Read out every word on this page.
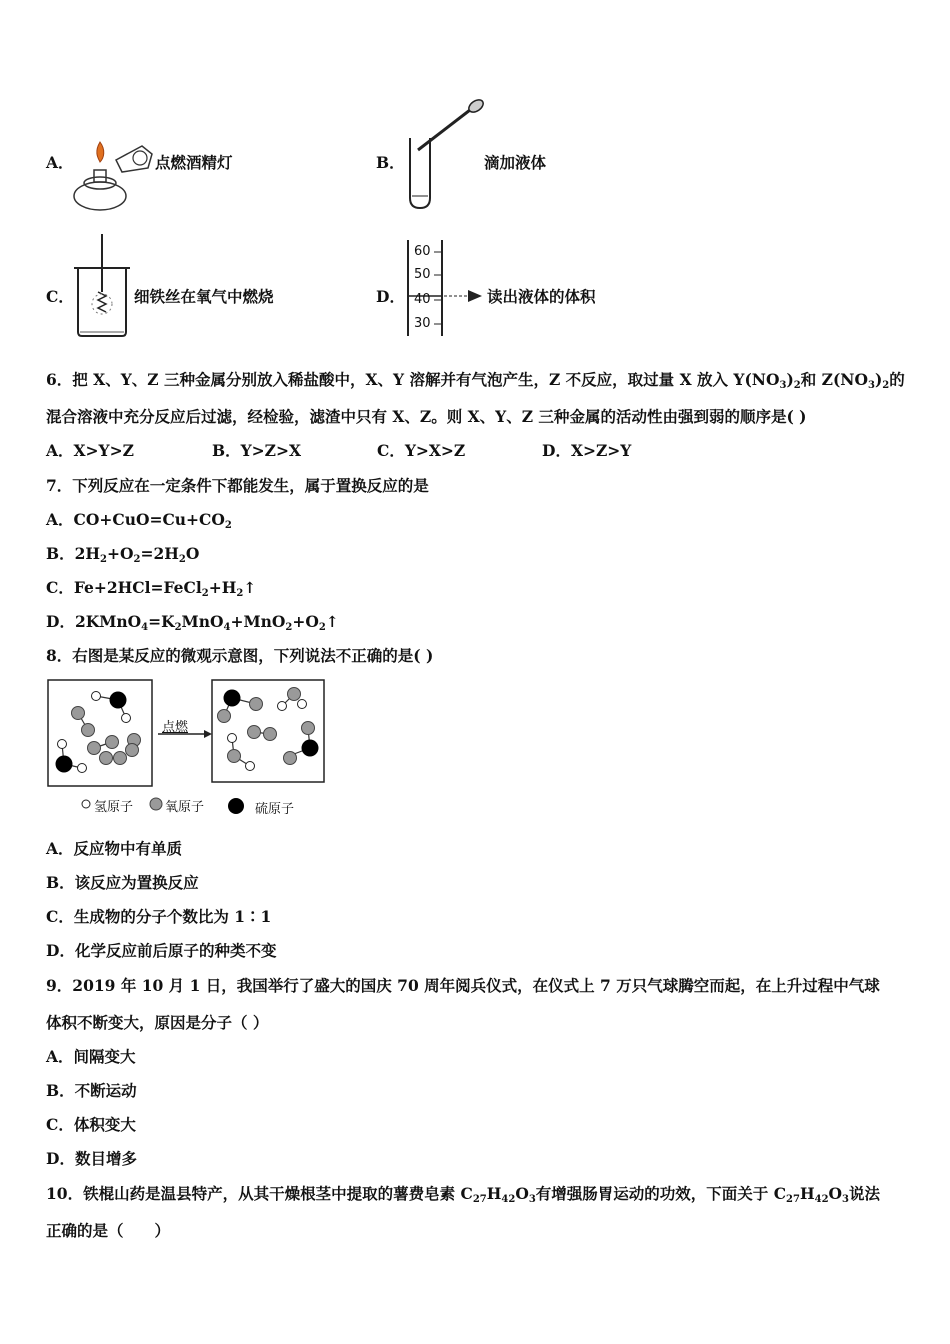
A．	点燃酒精灯	B．	滴加液体
C．	细铁丝在氧气中燃烧	D．
60
50
40
30
读出液体的体积
6．把 X、Y、Z 三种金属分别放入稀盐酸中，X、Y 溶解并有气泡产生，Z 不反应，取过量 X 放入 $Y(NO_3)_2$和 $Z(NO_3)_2$的
混合溶液中充分反应后过滤，经检验，滤渣中只有 X、Z。则 X、Y、Z 三种金属的活动性由强到弱的顺序是( )
A．X>Y>Z	B．Y>Z>X	C．Y>X>Z	D．X>Z>Y
7．下列反应在一定条件下都能发生，属于置换反应的是
A．$CO+CuO=Cu+CO_2$
B．$2H_2+O_2=2H_2O$
C．$Fe+2HCl=FeCl_2+H_2↑$
D．$2KMnO_4=K_2MnO_4+MnO_2+O_2↑$
8．右图是某反应的微观示意图，下列说法不正确的是( )
点燃
氢原子 氧原子	硫原子
A．反应物中有单质
B．该反应为置换反应
C．生成物的分子个数比为 1∶1
D．化学反应前后原子的种类不变
9．2019 年 10 月 1 日，我国举行了盛大的国庆 70 周年阅兵仪式，在仪式上 7 万只气球腾空而起，在上升过程中气球
体积不断变大，原因是分子（ ）
A．间隔变大
B．不断运动
C．体积变大
D．数目增多
10．铁棍山药是温县特产，从其干燥根茎中提取的薯费皂素 $C_{27}H_{42}O_3$有增强肠胃运动的功效，下面关于 $C_{27}H_{42}O_3$说法
正确的是（　　）
